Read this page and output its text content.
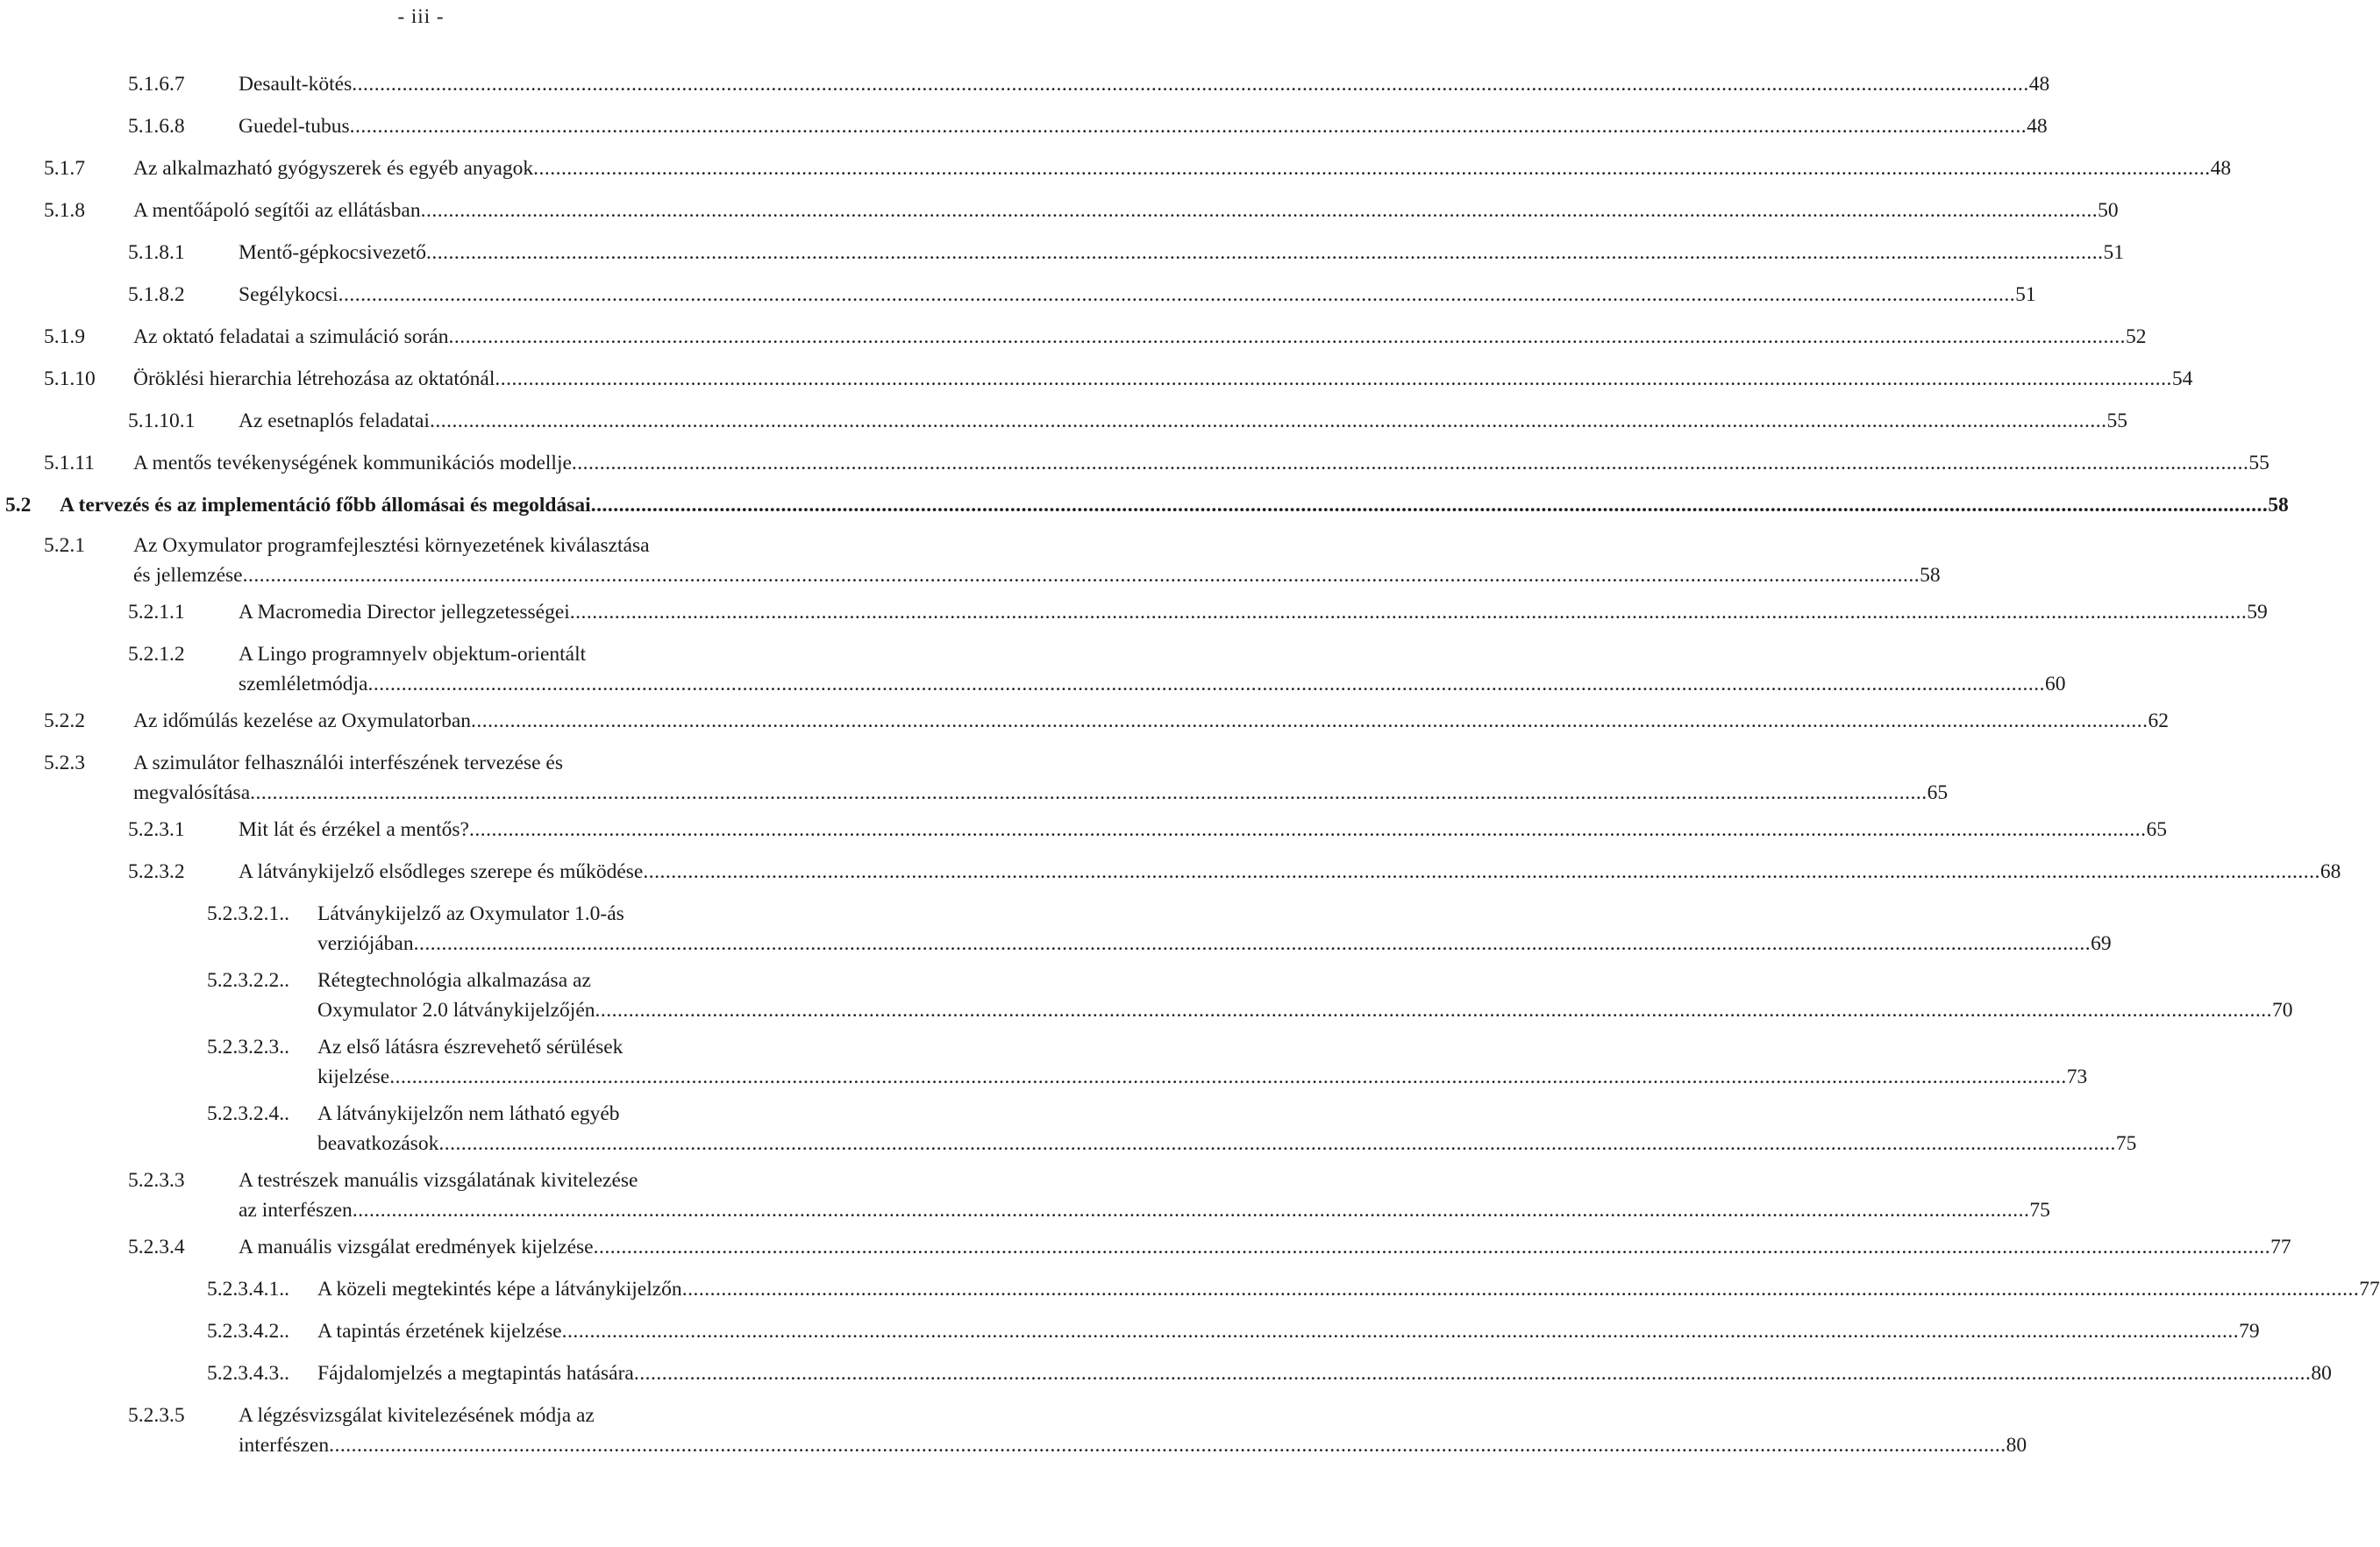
- iii -
5.1.6.7	Desault-kötés ............................................................................................................................................................................................................................................................................................................ 48
5.1.6.8	Guedel-tubus ............................................................................................................................................................................................................................................................................................................ 48
5.1.7 Az alkalmazható gyógyszerek és egyéb anyagok ............................................................................................................................................................................................................................................................................................................ 48
5.1.8 A mentőápoló segítői az ellátásban ............................................................................................................................................................................................................................................................................................................ 50
5.1.8.1	Mentő-gépkocsivezető ............................................................................................................................................................................................................................................................................................................ 51
5.1.8.2	Segélykocsi ............................................................................................................................................................................................................................................................................................................ 51
5.1.9 Az oktató feladatai a szimuláció során ............................................................................................................................................................................................................................................................................................................ 52
5.1.10 Öröklési hierarchia létrehozása az oktatónál ............................................................................................................................................................................................................................................................................................................ 54
5.1.10.1 Az esetnaplós feladatai ............................................................................................................................................................................................................................................................................................................ 55
5.1.11 A mentős tevékenységének kommunikációs modellje ............................................................................................................................................................................................................................................................................................................ 55
5.2 A tervezés és az implementáció főbb állomásai és megoldásai ............................................................................................................................................................................................................................................................................................................ 58
5.2.1 Az Oxymulator programfejlesztési környezetének kiválasztása
és jellemzése ............................................................................................................................................................................................................................................................................................................ 58
5.2.1.1	A Macromedia Director jellegzetességei ............................................................................................................................................................................................................................................................................................................ 59
5.2.1.2	A Lingo programnyelv objektum-orientált
szemléletmódja ............................................................................................................................................................................................................................................................................................................ 60
5.2.2 Az időmúlás kezelése az Oxymulatorban ............................................................................................................................................................................................................................................................................................................ 62
5.2.3 A szimulátor felhasználói interfészének tervezése és
megvalósítása ............................................................................................................................................................................................................................................................................................................ 65
5.2.3.1	Mit lát és érzékel a mentős? ............................................................................................................................................................................................................................................................................................................ 65
5.2.3.2	A látványkijelző elsődleges szerepe és működése ............................................................................................................................................................................................................................................................................................................ 68
5.2.3.2.1.. Látványkijelző az Oxymulator 1.0-ás
verziójában ............................................................................................................................................................................................................................................................................................................ 69
5.2.3.2.2.. Rétegtechnológia alkalmazása az
Oxymulator 2.0 látványkijelzőjén ............................................................................................................................................................................................................................................................................................................ 70
5.2.3.2.3.. Az első látásra észrevehető sérülések
kijelzése ............................................................................................................................................................................................................................................................................................................ 73
5.2.3.2.4.. A látványkijelzőn nem látható egyéb
beavatkozások ............................................................................................................................................................................................................................................................................................................ 75
5.2.3.3	A testrészek manuális vizsgálatának kivitelezése
az interfészen ............................................................................................................................................................................................................................................................................................................ 75
5.2.3.4	A manuális vizsgálat eredmények kijelzése ............................................................................................................................................................................................................................................................................................................ 77
5.2.3.4.1.. A közeli megtekintés képe a látványkijelzőn ............................................................................................................................................................................................................................................................................................................ 77
5.2.3.4.2.. A tapintás érzetének kijelzése ............................................................................................................................................................................................................................................................................................................ 79
5.2.3.4.3.. Fájdalomjelzés a megtapintás hatására ............................................................................................................................................................................................................................................................................................................ 80
5.2.3.5	A légzésvizsgálat kivitelezésének módja az
interfészen ............................................................................................................................................................................................................................................................................................................ 80
